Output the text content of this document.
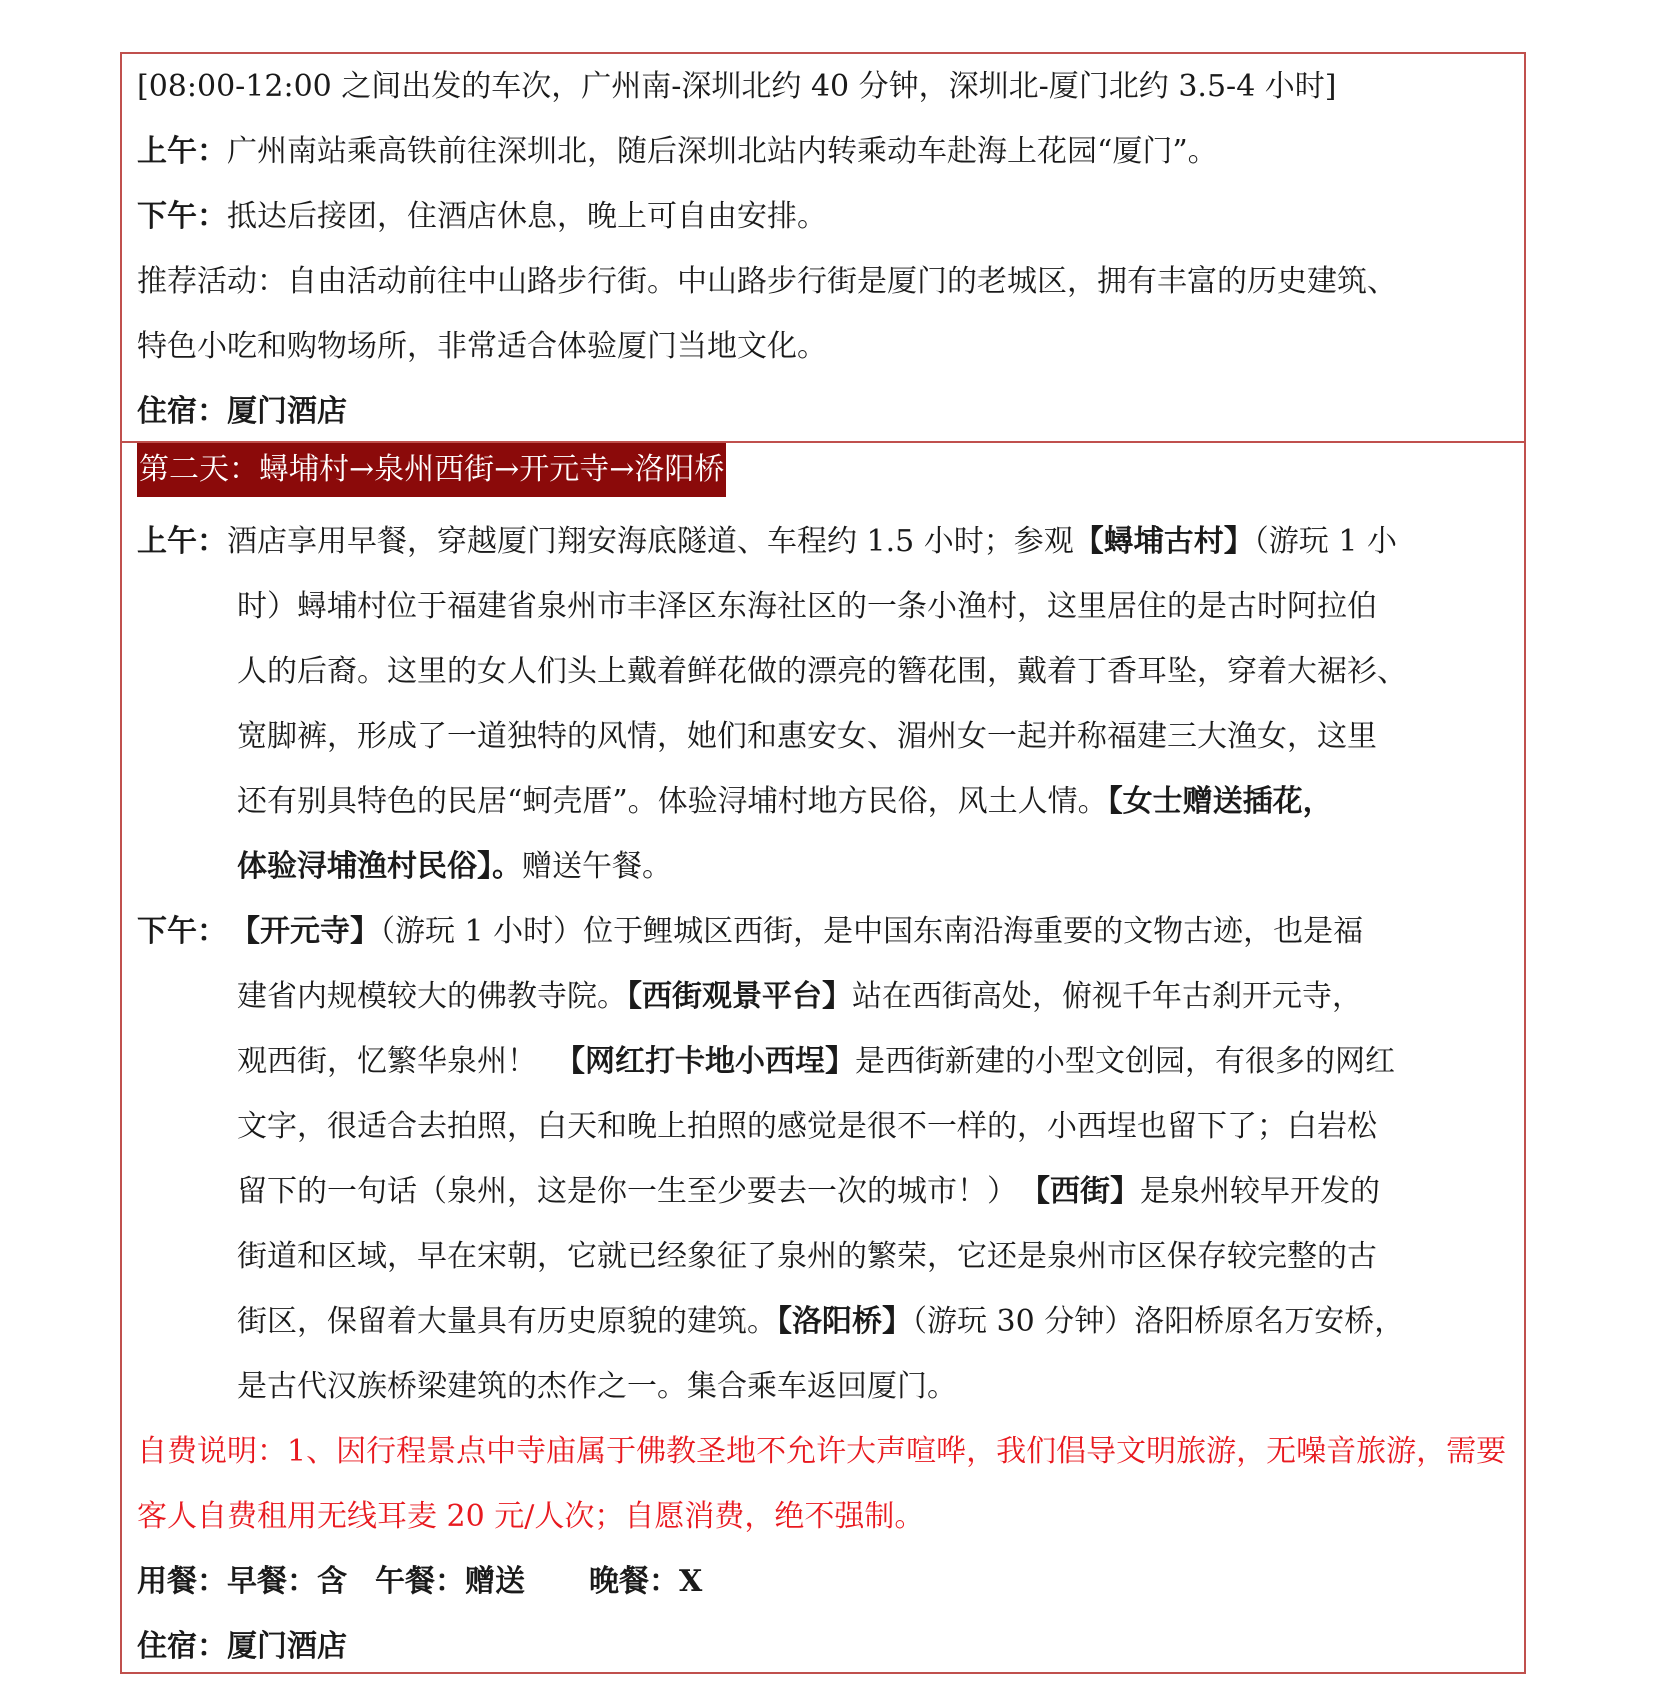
[08:00-12:00 之间出发的车次，广州南-深圳北约 40 分钟，深圳北-厦门北约 3.5-4 小时]
上午：广州南站乘高铁前往深圳北，随后深圳北站内转乘动车赴海上花园“厦门”。
下午：抵达后接团，住酒店休息，晚上可自由安排。
推荐活动：自由活动前往中山路步行街。中山路步行街是厦门的老城区，拥有丰富的历史建筑、
特色小吃和购物场所，非常适合体验厦门当地文化。
住宿：厦门酒店
第二天：蟳埔村→泉州西街→开元寺→洛阳桥
上午：酒店享用早餐，穿越厦门翔安海底隧道、车程约 1.5 小时；参观【蟳埔古村】（游玩 1 小
时）蟳埔村位于福建省泉州市丰泽区东海社区的一条小渔村，这里居住的是古时阿拉伯
人的后裔。这里的女人们头上戴着鲜花做的漂亮的簪花围，戴着丁香耳坠，穿着大裾衫、
宽脚裤，形成了一道独特的风情，她们和惠安女、湄州女一起并称福建三大渔女，这里
还有别具特色的民居“蚵壳厝”。体验浔埔村地方民俗，风土人情。【女士赠送插花，
体验浔埔渔村民俗】。赠送午餐。
下午： 【开元寺】（游玩 1 小时）位于鲤城区西街，是中国东南沿海重要的文物古迹，也是福
建省内规模较大的佛教寺院。【西街观景平台】站在西街高处，俯视千年古刹开元寺，
观西街，忆繁华泉州！ 【网红打卡地小西埕】是西街新建的小型文创园，有很多的网红
文字，很适合去拍照，白天和晚上拍照的感觉是很不一样的，小西埕也留下了；白岩松
留下的一句话（泉州，这是你一生至少要去一次的城市！） 【西街】是泉州较早开发的
街道和区域，早在宋朝，它就已经象征了泉州的繁荣，它还是泉州市区保存较完整的古
街区，保留着大量具有历史原貌的建筑。【洛阳桥】（游玩 30 分钟）洛阳桥原名万安桥，
是古代汉族桥梁建筑的杰作之一。集合乘车返回厦门。
自费说明：1、因行程景点中寺庙属于佛教圣地不允许大声喧哗，我们倡导文明旅游，无噪音旅游，需要
客人自费租用无线耳麦 20 元/人次；自愿消费，绝不强制。
用餐：早餐：含 午餐：赠送 晚餐：X
住宿：厦门酒店
